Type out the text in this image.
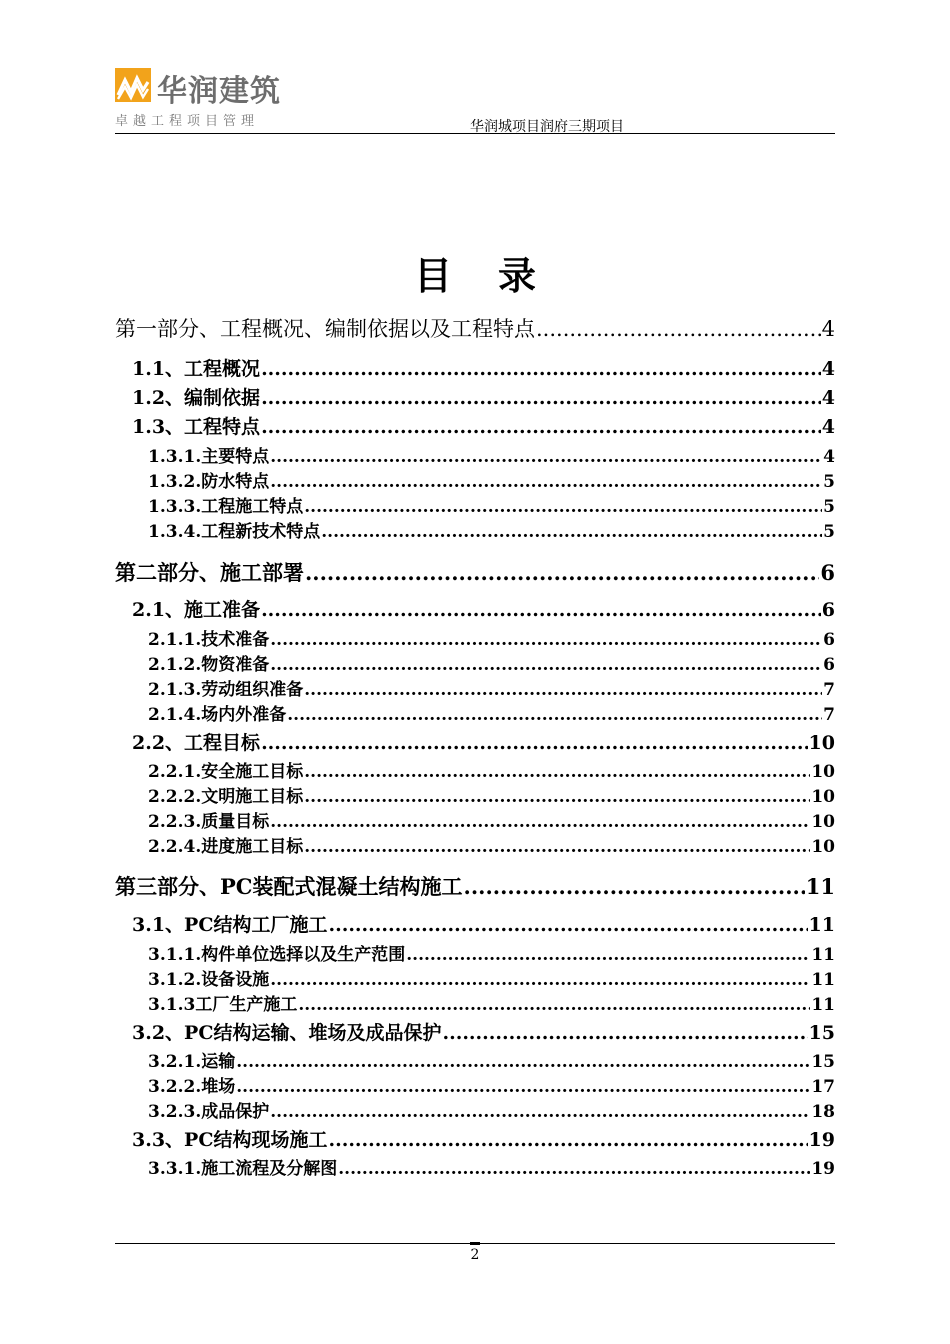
华润建筑
卓越工程项目管理	华润城项目润府三期项目
目录
第一部分、工程概况、编制依据以及工程特点 .....	4
1.1、工程概况 .....	4
1.2、编制依据 .....	4
1.3、工程特点 .....	4
1.3.1.主要特点 .....	4
1.3.2.防水特点 .....	5
1.3.3.工程施工特点 .....	5
1.3.4.工程新技术特点 .....	5
第二部分、施工部署 .....	6
2.1、施工准备 .....	6
2.1.1.技术准备 .....	6
2.1.2.物资准备 .....	6
2.1.3.劳动组织准备 .....	7
2.1.4.场内外准备 .....	7
2.2、工程目标 .....	10
2.2.1.安全施工目标 .....	10
2.2.2.文明施工目标 .....	10
2.2.3.质量目标 .....	10
2.2.4.进度施工目标 .....	10
第三部分、PC装配式混凝土结构施工 .....	11
3.1、PC结构工厂施工 .....	11
3.1.1.构件单位选择以及生产范围 .....	11
3.1.2.设备设施 .....	11
3.1.3工厂生产施工 .....	11
3.2、PC结构运输、堆场及成品保护 .....	15
3.2.1.运输 .....	15
3.2.2.堆场 .....	17
3.2.3.成品保护 .....	18
3.3、PC结构现场施工 .....	19
3.3.1.施工流程及分解图 .....	19
2
